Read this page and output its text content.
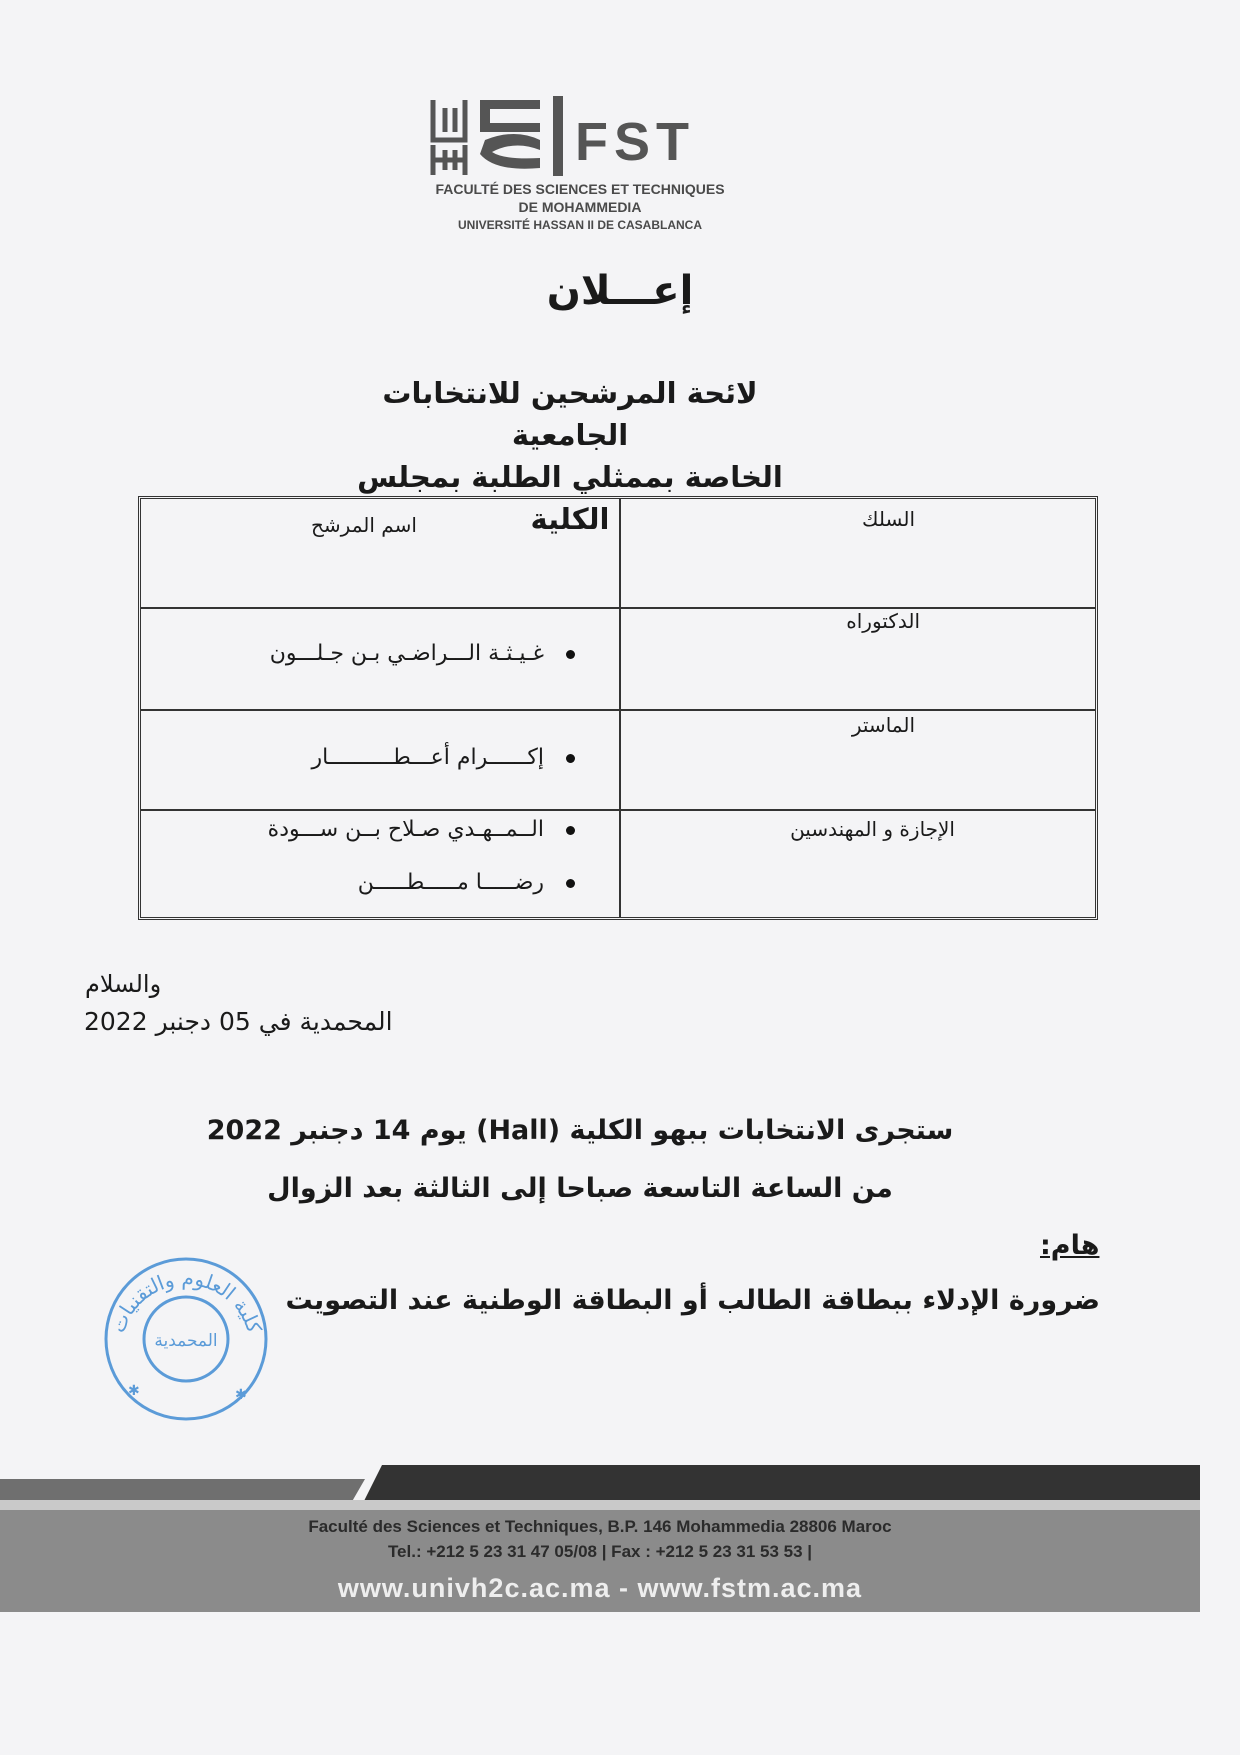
FST
FACULTÉ DES SCIENCES ET TECHNIQUES
DE MOHAMMEDIA
UNIVERSITÉ HASSAN II DE CASABLANCA
إعـــلان
لائحة المرشحين للانتخابات الجامعية
الخاصة بممثلي الطلبة بمجلس الكلية	السلك
اسم المرشح
الدكتوراه
غـيـثـة الـــراضـي بـن جـلـــون
الماستر
إكــــــرام أعـــطــــــــــار
الإجازة و المهندسين
الــمــهـدي صـلاح بــن ســـودة
رضـــــا مـــــطـــــن
والسلام
المحمدية في 05 دجنبر 2022
ستجرى الانتخابات ببهو الكلية (Hall) يوم 14 دجنبر 2022
من الساعة التاسعة صباحا إلى الثالثة بعد الزوال
هام:
ضرورة الإدلاء ببطاقة الطالب أو البطاقة الوطنية عند التصويت
كلية العلوم والتقنيات
المحمدية
✱	✱
Faculté des Sciences et Techniques, B.P. 146 Mohammedia 28806 Maroc
Tel.: +212 5 23 31 47 05/08 | Fax : +212 5 23 31 53 53 |
www.univh2c.ac.ma - www.fstm.ac.ma
